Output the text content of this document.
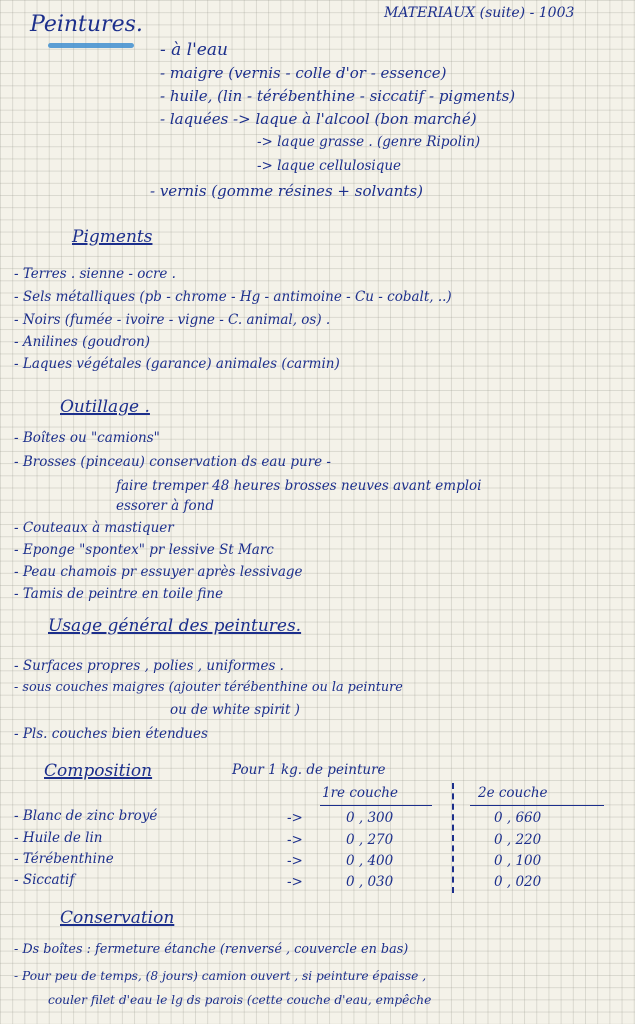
MATERIAUX (suite) - 1003
Peintures.
- à l'eau
- maigre (vernis - colle d'or - essence)
- huile, (lin - térébenthine - siccatif - pigments)
- laquées -> laque à l'alcool (bon marché)
-> laque grasse . (genre Ripolin)
-> laque cellulosique
- vernis (gomme résines + solvants)
Pigments
- Terres . sienne - ocre .
- Sels métalliques (pb - chrome - Hg - antimoine - Cu - cobalt, ..)
- Noirs (fumée - ivoire - vigne - C. animal, os) .
- Anilines (goudron)
- Laques végétales (garance) animales (carmin)
Outillage .
- Boîtes ou "camions"
- Brosses (pinceau) conservation ds eau pure -
faire tremper 48 heures brosses neuves avant emploi
essorer à fond
- Couteaux à mastiquer
- Eponge "spontex" pr lessive St Marc
- Peau chamois pr essuyer après lessivage
- Tamis de peintre en toile fine
Usage général des peintures.
- Surfaces propres , polies , uniformes .
- sous couches maigres (ajouter térébenthine ou la peinture
ou de white spirit )
- Pls. couches bien étendues
Composition	Pour 1 kg. de peinture
1re couche	2e couche
- Blanc de zinc broyé	->	0 , 300	0 , 660
- Huile de lin	->	0 , 270	0 , 220
- Térébenthine	->	0 , 400	0 , 100
- Siccatif	->	0 , 030	0 , 020
Conservation
- Ds boîtes : fermeture étanche (renversé , couvercle en bas)
- Pour peu de temps, (8 jours) camion ouvert , si peinture épaisse ,
couler filet d'eau le lg ds parois (cette couche d'eau, empêche
